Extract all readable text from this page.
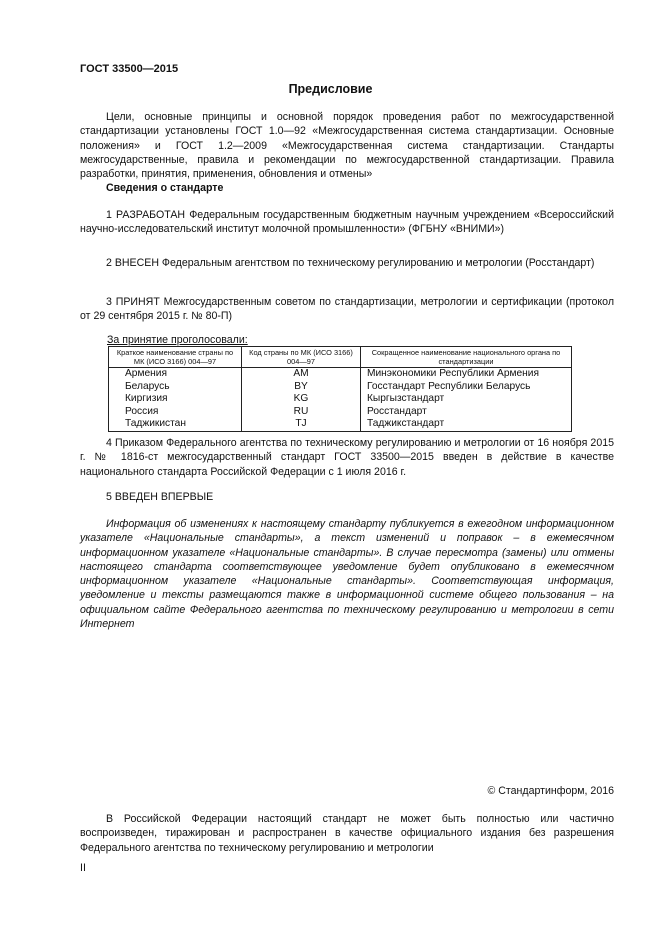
ГОСТ 33500—2015
Предисловие

Цели, основные принципы и основной порядок проведения работ по межгосударственной стандартизации установлены ГОСТ 1.0—92 «Межгосударственная система стандартизации. Основные положения» и ГОСТ 1.2—2009 «Межгосударственная система стандартизации. Стандарты межгосударственные, правила и рекомендации по межгосударственной стандартизации. Правила разработки, принятия, применения, обновления и отмены»

Сведения о стандарте

1 РАЗРАБОТАН Федеральным государственным бюджетным научным учреждением «Всероссийский научно-исследовательский институт молочной промышленности» (ФГБНУ «ВНИМИ»)

2 ВНЕСЕН Федеральным агентством по техническому регулированию и метрологии (Росстандарт)

3 ПРИНЯТ Межгосударственным советом по стандартизации, метрологии и сертификации (протокол от 29 сентября 2015 г. № 80-П)

За принятие проголосовали:
Краткое наименование страны по МК (ИСО 3166) 004—97	Код страны по МК (ИСО 3166) 004—97	Сокращенное наименование национального органа по стандартизации
Армения	AM	Минэкономики Республики Армения
Беларусь	BY	Госстандарт Республики Беларусь
Киргизия	KG	Кыргызстандарт
Россия	RU	Росстандарт
Таджикистан	TJ	Таджикстандарт

4 Приказом Федерального агентства по техническому регулированию и метрологии от 16 ноября 2015 г. № 1816-ст межгосударственный стандарт ГОСТ 33500—2015 введен в действие в качестве национального стандарта Российской Федерации с 1 июля 2016 г.

5 ВВЕДЕН ВПЕРВЫЕ

Информация об изменениях к настоящему стандарту публикуется в ежегодном информационном указателе «Национальные стандарты», а текст изменений и поправок – в ежемесячном информационном указателе «Национальные стандарты». В случае пересмотра (замены) или отмены настоящего стандарта соответствующее уведомление будет опубликовано в ежемесячном информационном указателе «Национальные стандарты». Соответствующая информация, уведомление и тексты размещаются также в информационной системе общего пользования – на официальном сайте Федерального агентства по техническому регулированию и метрологии в сети Интернет

© Стандартинформ, 2016

В Российской Федерации настоящий стандарт не может быть полностью или частично воспроизведен, тиражирован и распространен в качестве официального издания без разрешения Федерального агентства по техническому регулированию и метрологии

II
